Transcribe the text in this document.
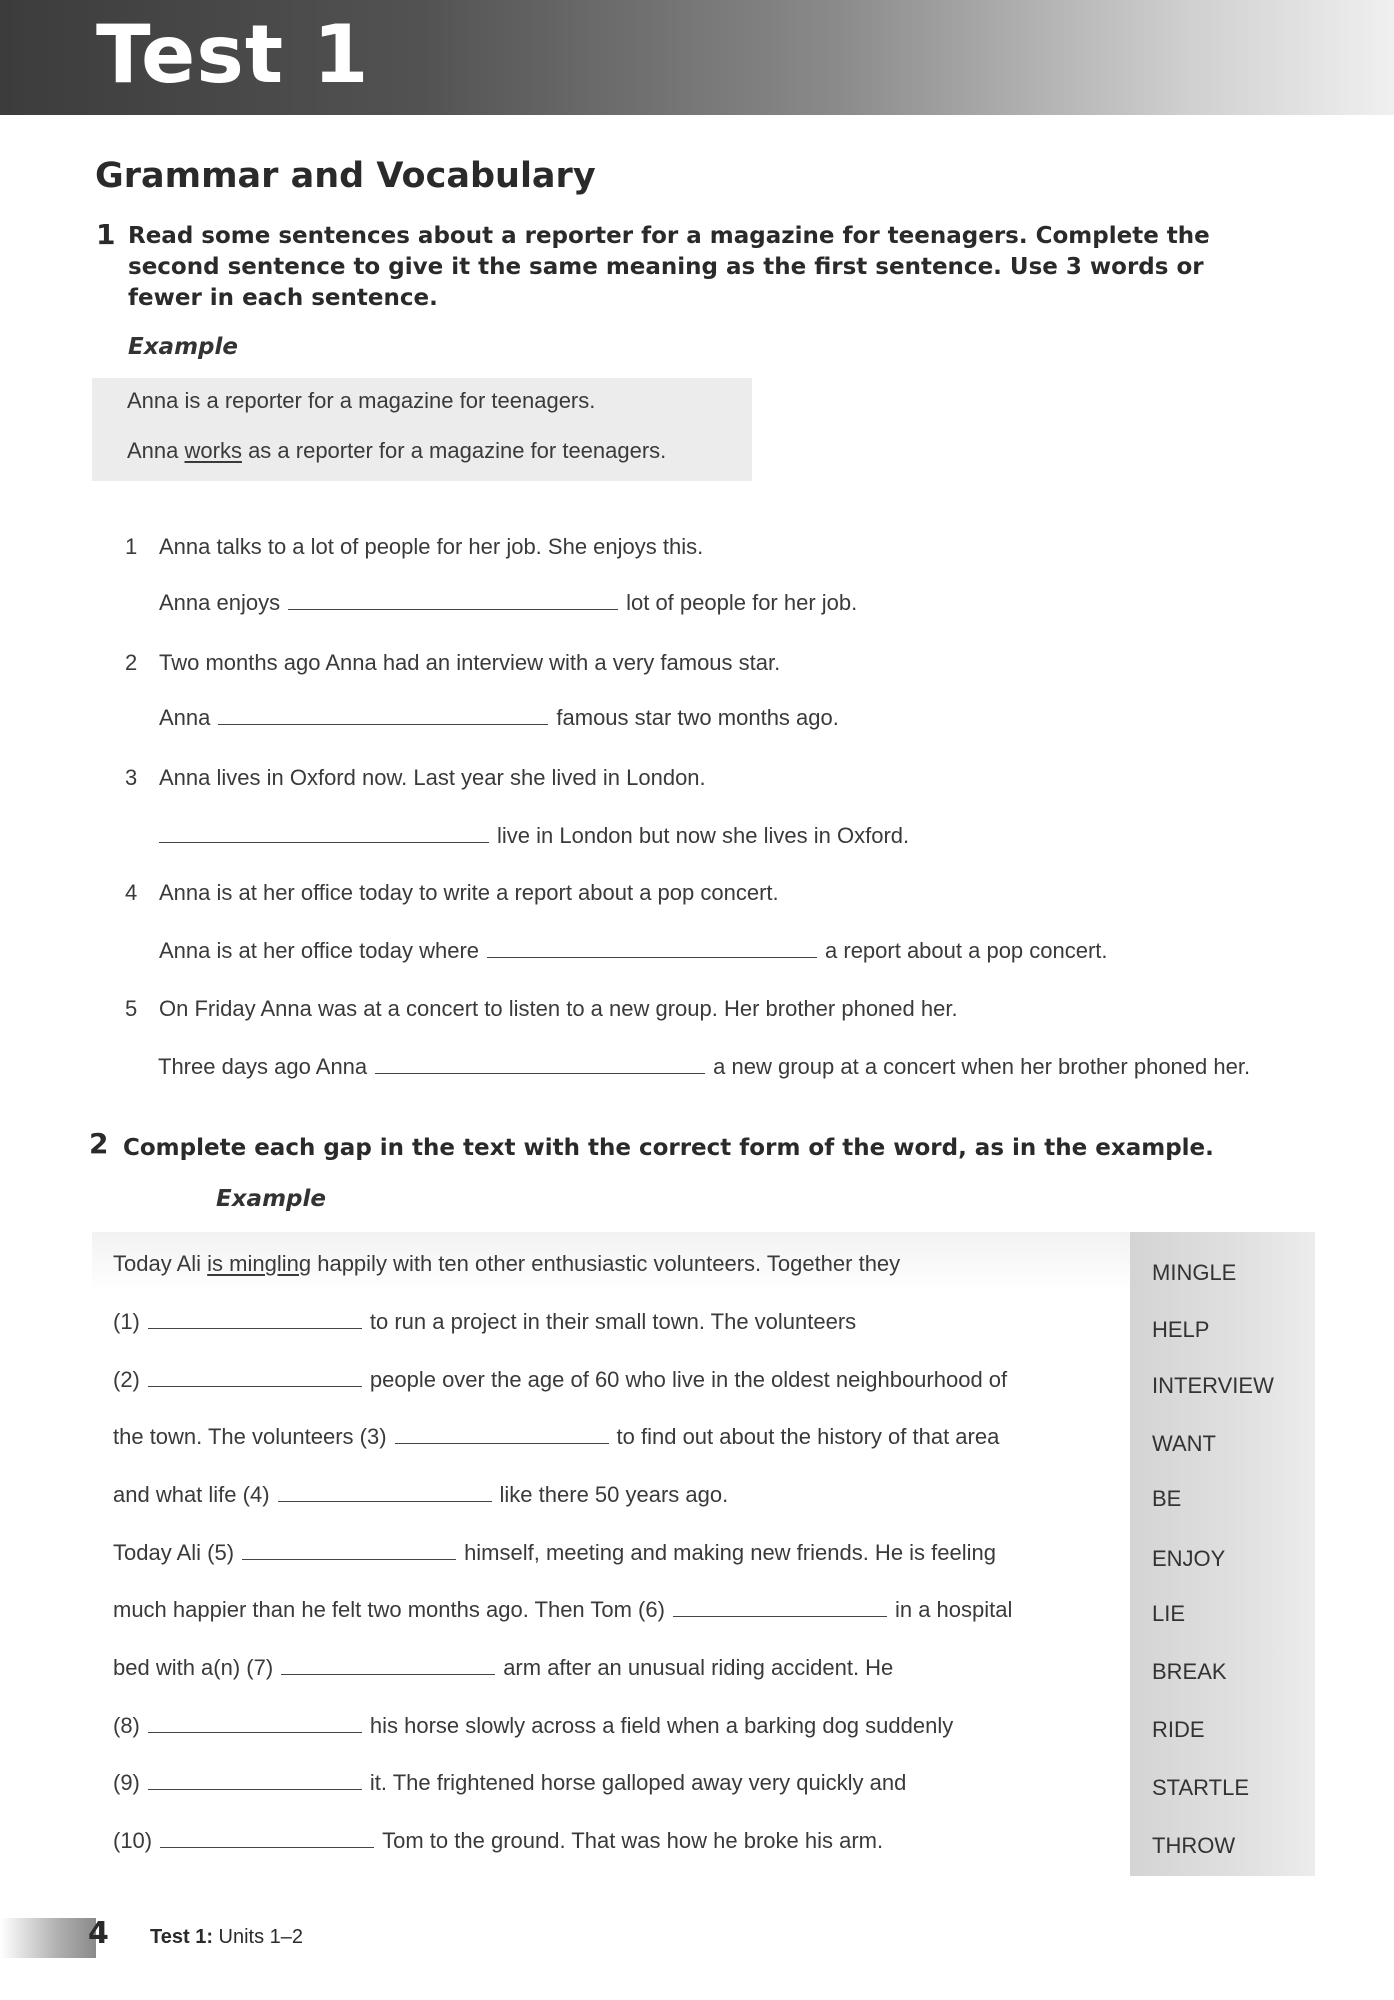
Test 1
Grammar and Vocabulary
1 Read some sentences about a reporter for a magazine for teenagers. Complete the
second sentence to give it the same meaning as the first sentence. Use 3 words or
fewer in each sentence.
Example
Anna is a reporter for a magazine for teenagers.
Anna works as a reporter for a magazine for teenagers.
1 Anna talks to a lot of people for her job. She enjoys this.
Anna enjoys	lot of people for her job.
2 Two months ago Anna had an interview with a very famous star.
Anna	famous star two months ago.
3 Anna lives in Oxford now. Last year she lived in London.
live in London but now she lives in Oxford.
4 Anna is at her office today to write a report about a pop concert.
Anna is at her office today where	a report about a pop concert.
5 On Friday Anna was at a concert to listen to a new group. Her brother phoned her.
Three days ago Anna	a new group at a concert when her brother phoned her.
2 Complete each gap in the text with the correct form of the word, as in the example.
Example
Today Ali is mingling happily with ten other enthusiastic volunteers. Together they
(1)	to run a project in their small town. The volunteers
(2)	people over the age of 60 who live in the oldest neighbourhood of
the town. The volunteers (3)	to find out about the history of that area
and what life (4)	like there 50 years ago.
Today Ali (5)	himself, meeting and making new friends. He is feeling
much happier than he felt two months ago. Then Tom (6)	in a hospital
bed with a(n) (7)	arm after an unusual riding accident. He
(8)	his horse slowly across a field when a barking dog suddenly
(9)	it. The frightened horse galloped away very quickly and
(10)	Tom to the ground. That was how he broke his arm.
MINGLE
HELP
INTERVIEW
WANT
BE
ENJOY
LIE
BREAK
RIDE
STARTLE
THROW
4 Test 1: Units 1–2
